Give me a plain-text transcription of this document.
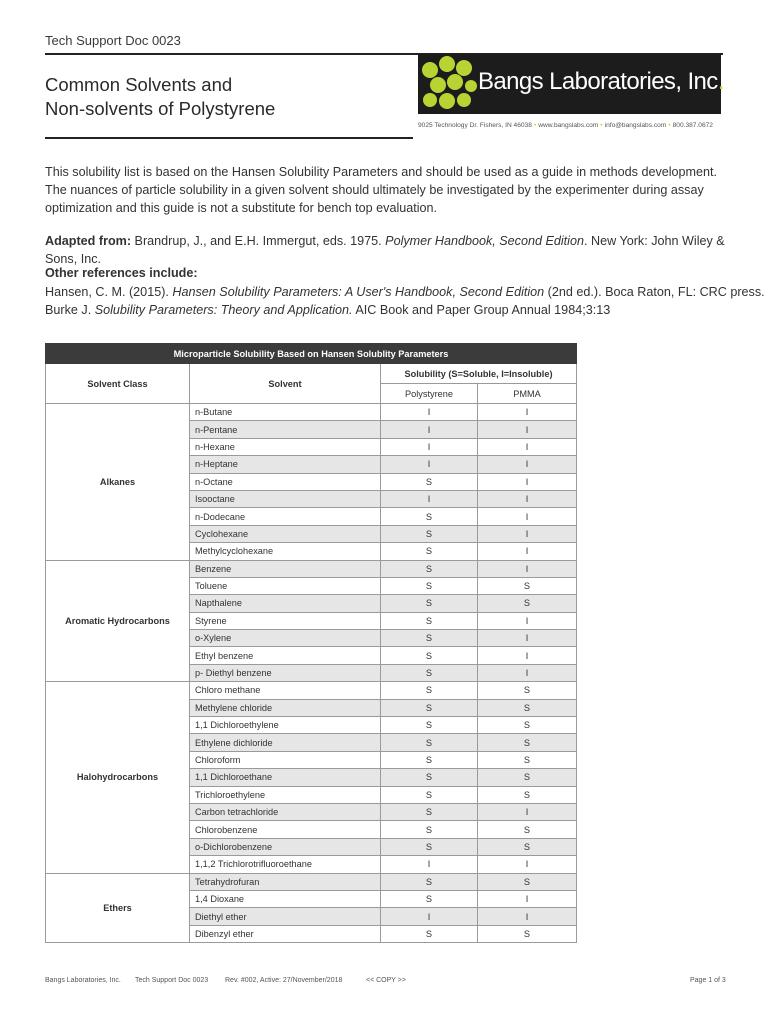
Tech Support Doc 0023
Common Solvents and
Non-solvents of Polystyrene
Bangs Laboratories, Inc.
9025 Technology Dr. Fishers, IN 46038 • www.bangslabs.com • info@bangslabs.com • 800.387.0672

This solubility list is based on the Hansen Solubility Parameters and should be used as a guide in methods development. The nuances of particle solubility in a given solvent should ultimately be investigated by the experimenter during assay optimization and this guide is not a substitute for bench top evaluation.

Adapted from: Brandrup, J., and E.H. Immergut, eds. 1975. Polymer Handbook, Second Edition. New York: John Wiley & Sons, Inc.

Other references include:
Hansen, C. M. (2015). Hansen Solubility Parameters: A User's Handbook, Second Edition (2nd ed.). Boca Raton, FL: CRC press.
Burke J. Solubility Parameters: Theory and Application. AIC Book and Paper Group Annual 1984;3:13
Microparticle Solubility Based on Hansen Solublity Parameters			
Solvent Class	Solvent	Solubility (S=Soluble, I=Insoluble)	
		Polystyrene	PMMA
Alkanes	n-Butane	I	I
	n-Pentane	I	I
	n-Hexane	I	I
	n-Heptane	I	I
	n-Octane	S	I
	Isooctane	I	I
	n-Dodecane	S	I
	Cyclohexane	S	I
	Methylcyclohexane	S	I
Aromatic Hydrocarbons	Benzene	S	I
	Toluene	S	S
	Napthalene	S	S
	Styrene	S	I
	o-Xylene	S	I
	Ethyl benzene	S	I
	p- Diethyl benzene	S	I
Halohydrocarbons	Chloro methane	S	S
	Methylene chloride	S	S
	1,1 Dichloroethylene	S	S
	Ethylene dichloride	S	S
	Chloroform	S	S
	1,1 Dichloroethane	S	S
	Trichloroethylene	S	S
	Carbon tetrachloride	S	I
	Chlorobenzene	S	S
	o-Dichlorobenzene	S	S
	1,1,2 Trichlorotrifluoroethane	I	I
Ethers	Tetrahydrofuran	S	S
	1,4 Dioxane	S	I
	Diethyl ether	I	I
	Dibenzyl ether	S	S
Bangs Laboratories, Inc. Tech Support Doc 0023 Rev. #002, Active: 27/November/2018	<< COPY >>	Page 1 of 3
